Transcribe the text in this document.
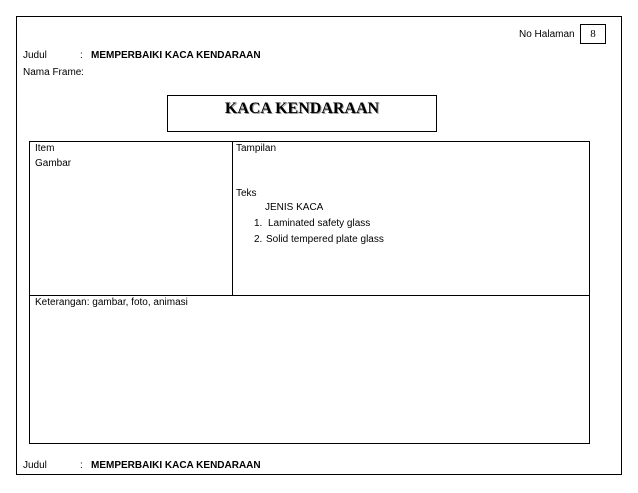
No Halaman	8
Judul	: MEMPERBAIKI KACA KENDARAAN
Nama Frame :
KACA KENDARAAN
Item
Gambar
Tampilan
Teks
JENIS KACA
1. Laminated safety glass
2. Solid tempered plate glass
Keterangan: gambar, foto, animasi
Judul	: MEMPERBAIKI KACA KENDARAAN
